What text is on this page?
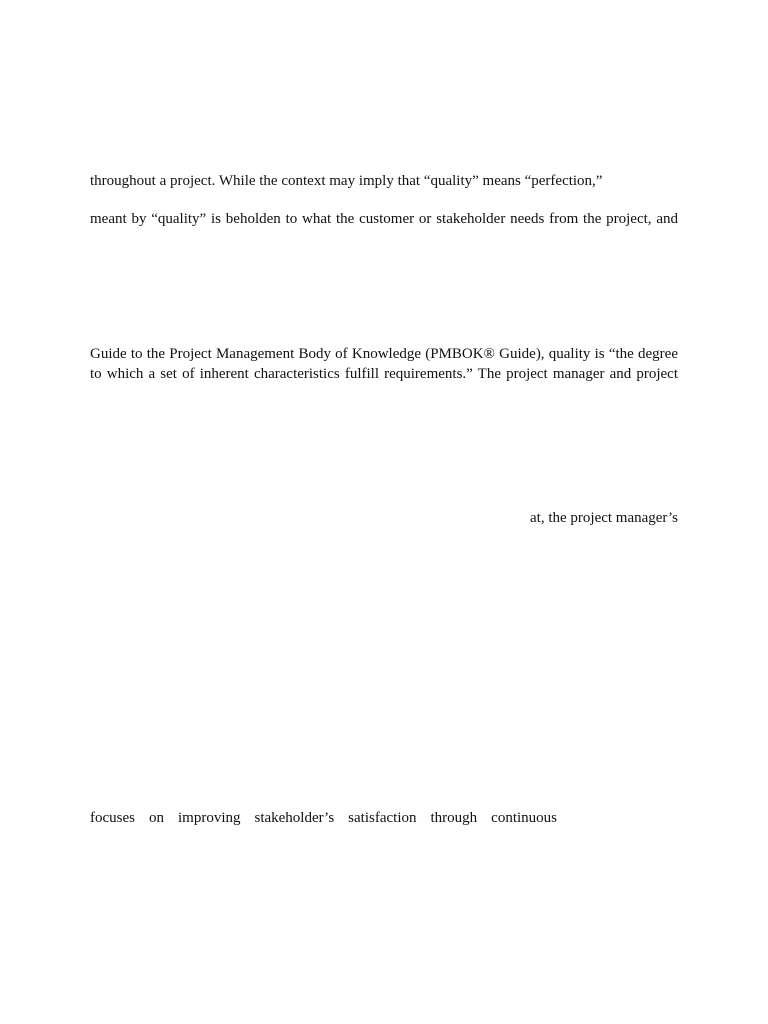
throughout a project. While the context may imply that “quality” means “perfection,”

meant by “quality” is beholden to what the customer or stakeholder needs from the project, and

Guide to the Project Management Body of Knowledge (PMBOK® Guide), quality is “the degree

to which a set of inherent characteristics fulfill requirements.” The project manager and project

at, the project manager’s

focuses on improving stakeholder’s satisfaction through continuous
